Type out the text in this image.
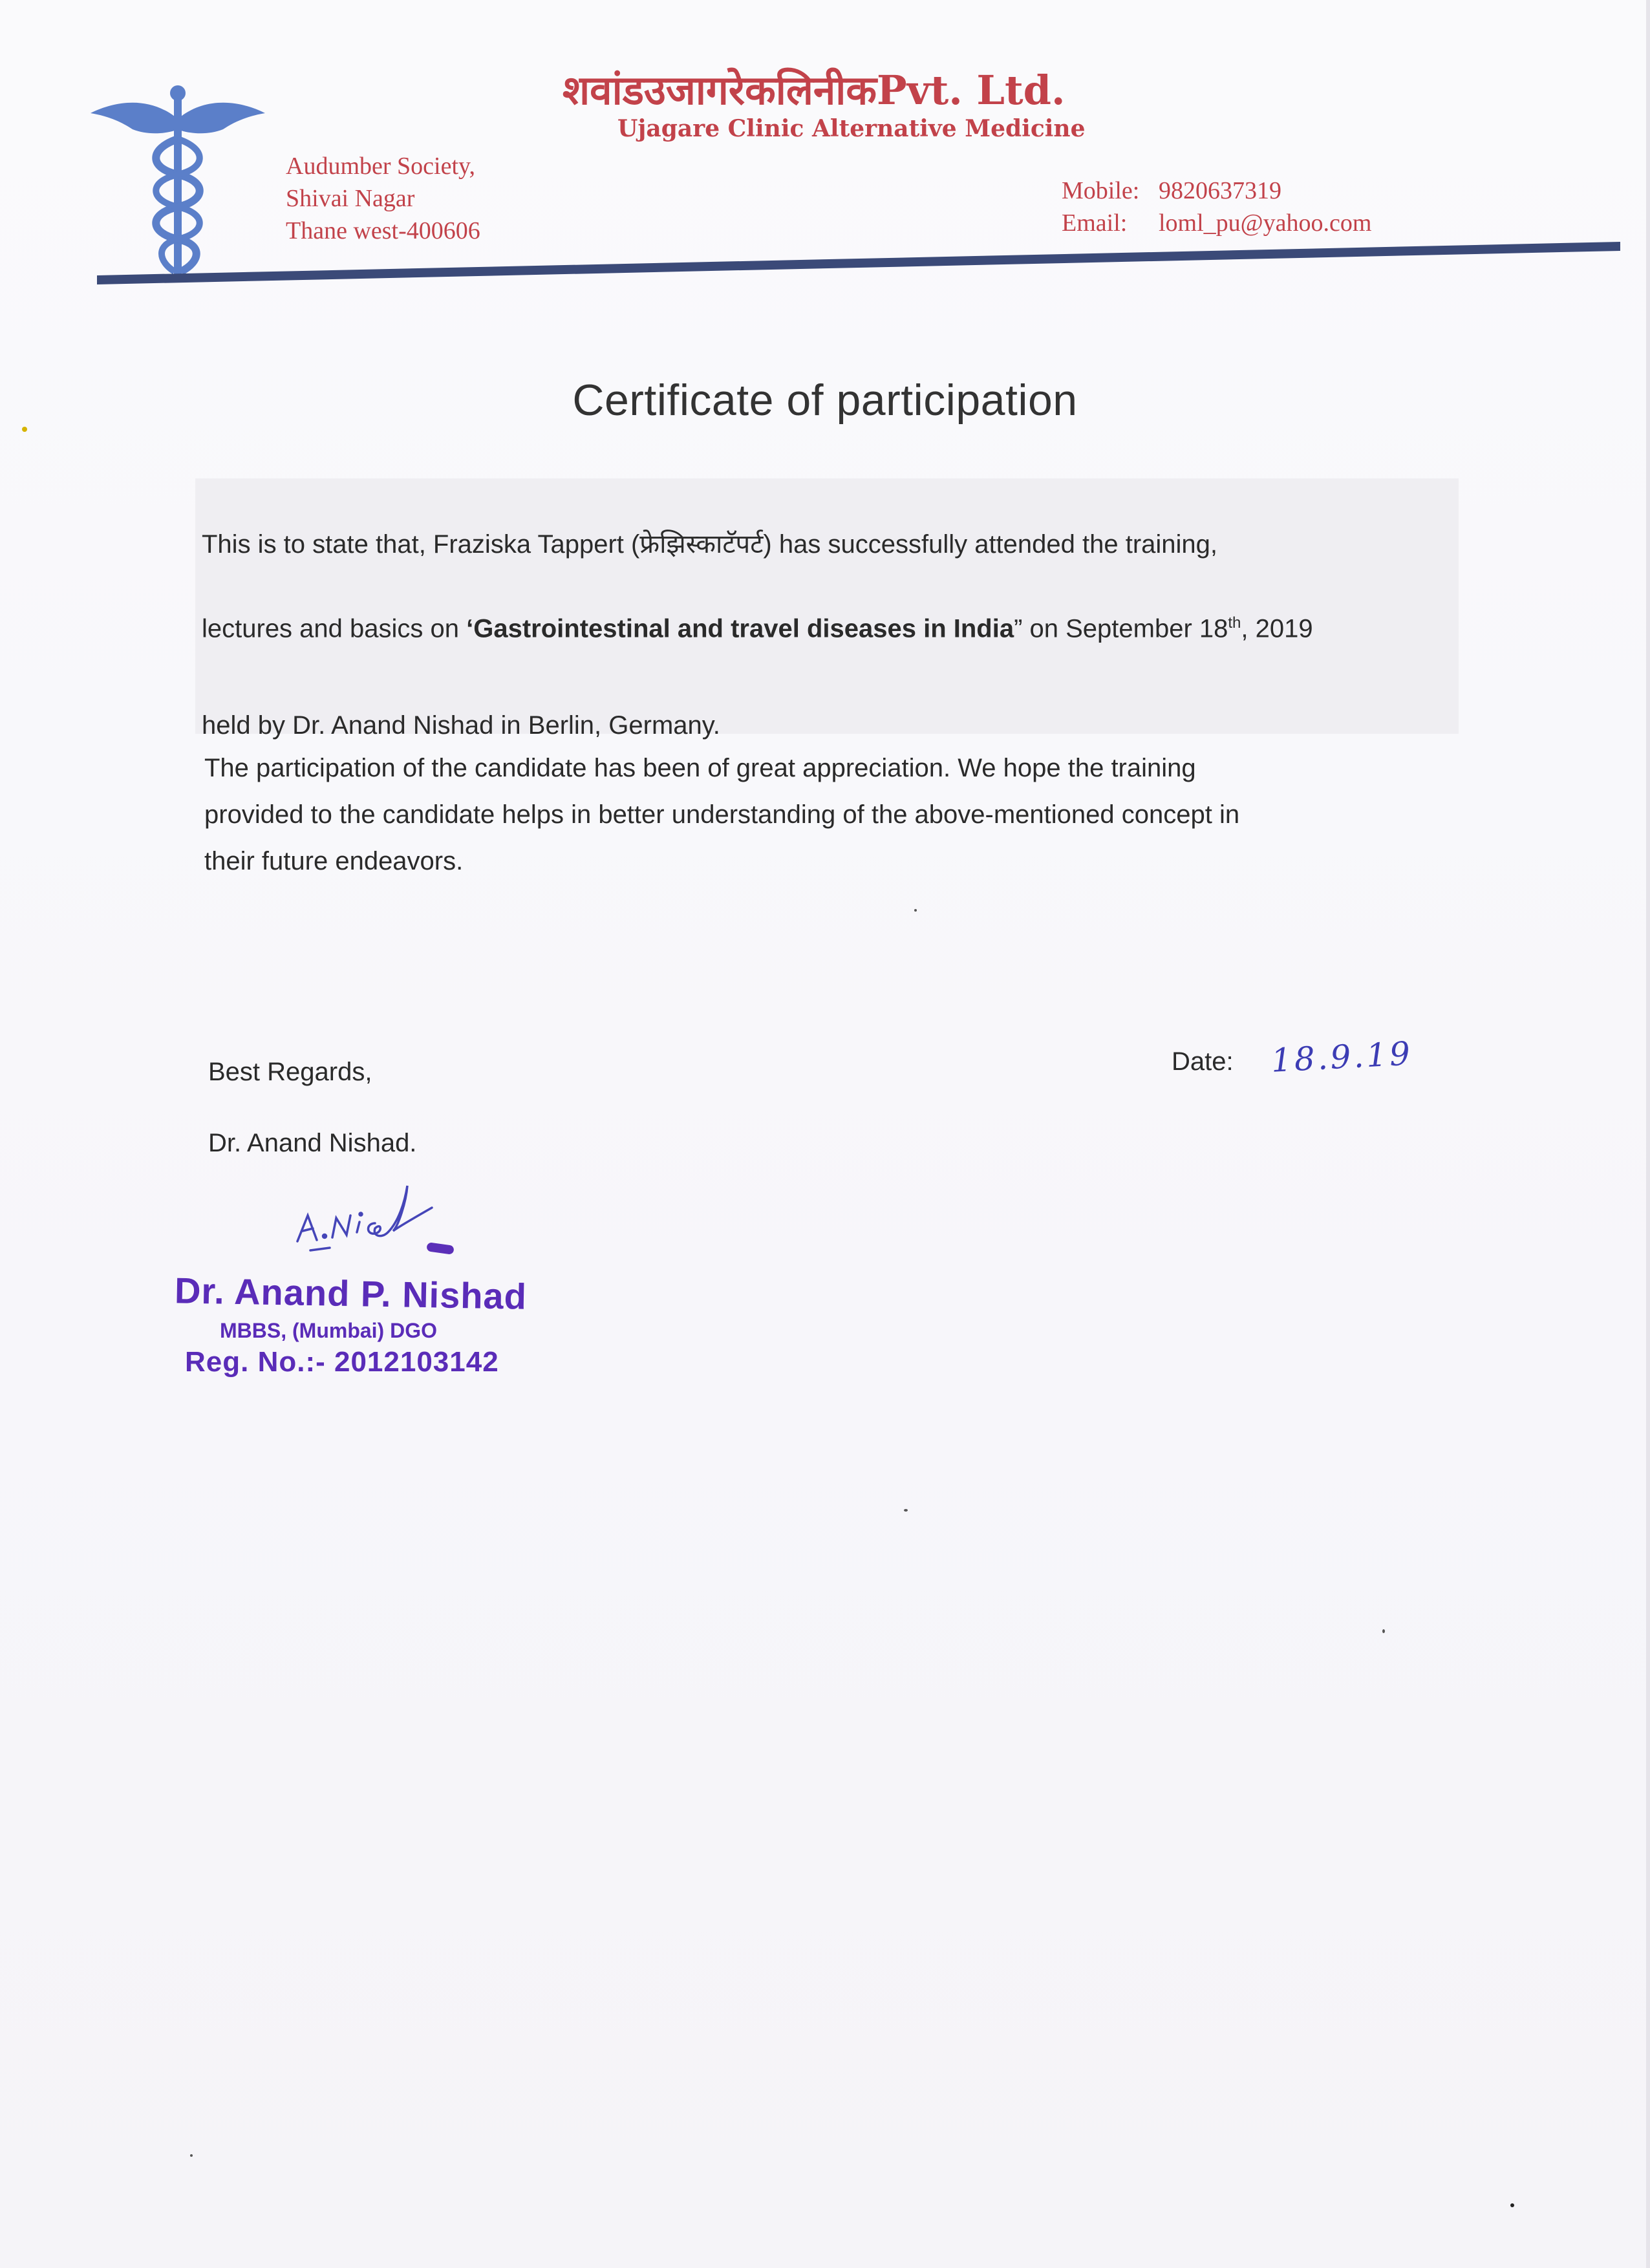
शवांडउजागरेकलिनीकPvt. Ltd.
Ujagare Clinic Alternative Medicine
Audumber Society,
Shivai Nagar
Thane west-400606
Mobile: 9820637319
Email: loml_pu@yahoo.com
Certificate of participation
This is to state that, Fraziska Tappert (फ्रेझिस्काटॅपर्ट) has successfully attended the training,
lectures and basics on ‘Gastrointestinal and travel diseases in India” on September 18th, 2019
held by Dr. Anand Nishad in Berlin, Germany.
The participation of the candidate has been of great appreciation. We hope the training
provided to the candidate helps in better understanding of the above-mentioned concept in
their future endeavors.
Best Regards,
Dr. Anand Nishad.
Date: 18.9.19
Dr. Anand P. Nishad
MBBS, (Mumbai) DGO
Reg. No.:- 2012103142
